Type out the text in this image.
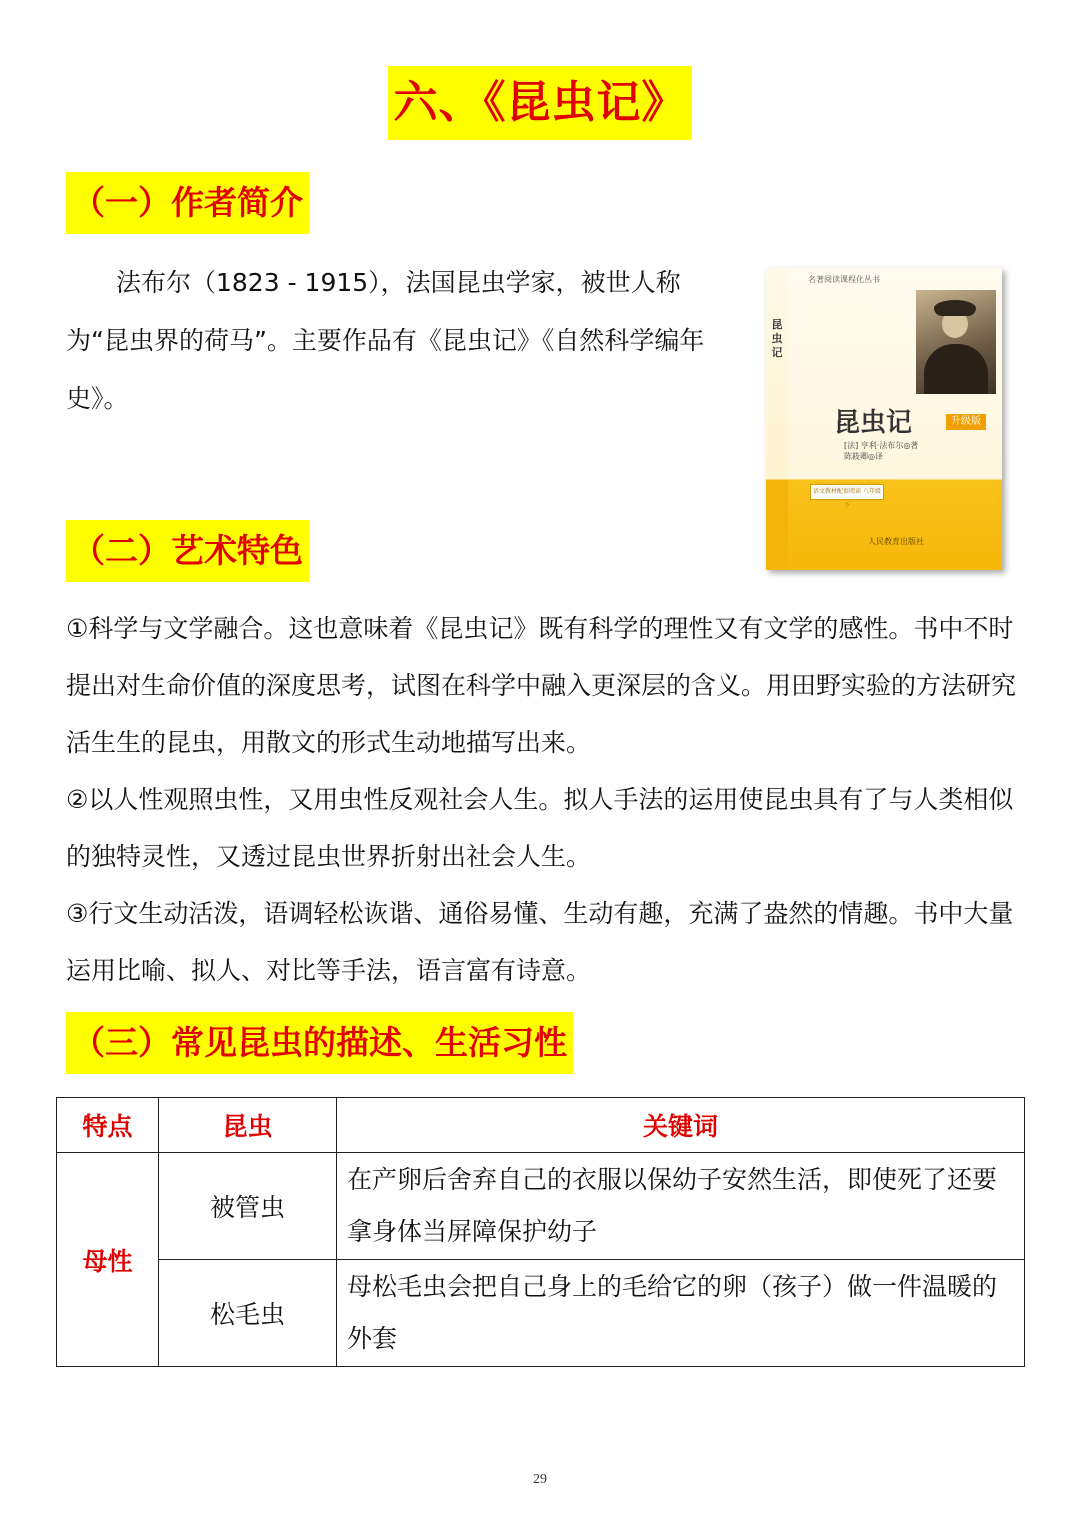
六、《昆虫记》
（一）作者简介

法布尔（1823 - 1915），法国昆虫学家，被世人称为“昆虫界的荷马”。主要作品有《昆虫记》《自然科学编年史》。

昆虫记
名著阅读课程化丛书
昆虫记	升级版
[法] 亨利·法布尔◎著
陈筱卿◎译
语文教材配套阅读 八年级下
人民教育出版社
（二）艺术特色

①科学与文学融合。这也意味着《昆虫记》既有科学的理性又有文学的感性。书中不时提出对生命价值的深度思考，试图在科学中融入更深层的含义。用田野实验的方法研究活生生的昆虫，用散文的形式生动地描写出来。

②以人性观照虫性，又用虫性反观社会人生。拟人手法的运用使昆虫具有了与人类相似的独特灵性，又透过昆虫世界折射出社会人生。

③行文生动活泼，语调轻松诙谐、通俗易懂、生动有趣，充满了盎然的情趣。书中大量运用比喻、拟人、对比等手法，语言富有诗意。

（三）常见昆虫的描述、生活习性
特点	昆虫	关键词
母性	被管虫	在产卵后舍弃自己的衣服以保幼子安然生活，即使死了还要拿身体当屏障保护幼子
	松毛虫	母松毛虫会把自己身上的毛给它的卵（孩子）做一件温暖的外套
29
